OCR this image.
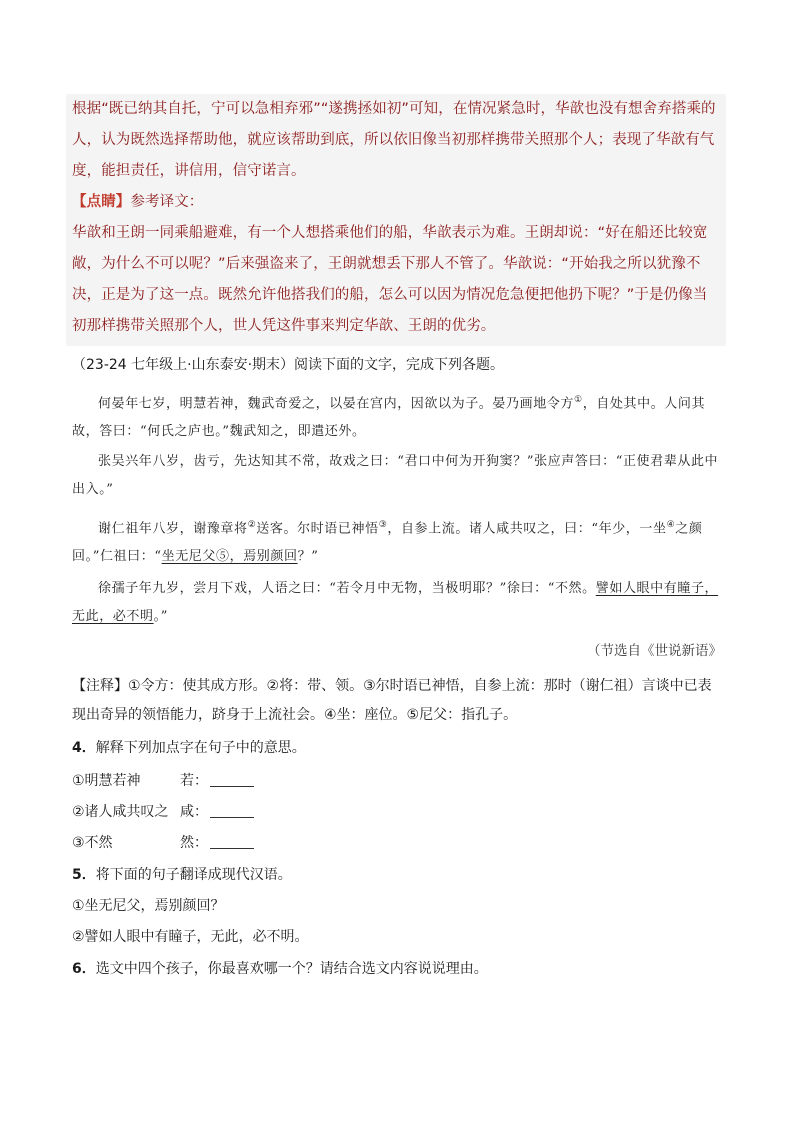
根据“既已纳其自托，宁可以急相弃邪”“遂携拯如初”可知，在情况紧急时，华歆也没有想舍弃搭乘的人，认为既然选择帮助他，就应该帮助到底，所以依旧像当初那样携带关照那个人；表现了华歆有气度，能担责任，讲信用，信守诺言。

【点睛】参考译文：

华歆和王朗一同乘船避难，有一个人想搭乘他们的船，华歆表示为难。王朗却说：“好在船还比较宽敞，为什么不可以呢？”后来强盗来了，王朗就想丢下那人不管了。华歆说：“开始我之所以犹豫不决，正是为了这一点。既然允许他搭我们的船，怎么可以因为情况危急便把他扔下呢？”于是仍像当初那样携带关照那个人，世人凭这件事来判定华歆、王朗的优劣。

（23-24 七年级上·山东泰安·期末）阅读下面的文字，完成下列各题。

何晏年七岁，明慧若神，魏武奇爱之，以晏在宫内，因欲以为子。晏乃画地令方①，自处其中。人问其故，答曰：“何氏之庐也。”魏武知之，即遣还外。

张吴兴年八岁，齿亏，先达知其不常，故戏之曰：“君口中何为开狗窦？”张应声答曰：“正使君辈从此中出入。”

谢仁祖年八岁，谢豫章将②送客。尔时语已神悟③，自参上流。诸人咸共叹之，曰：“年少，一坐④之颜回。”仁祖曰：“坐无尼父⑤，焉别颜回？”

徐孺子年九岁，尝月下戏，人语之曰：“若令月中无物，当极明耶？”徐曰：“不然。譬如人眼中有瞳子，无此，必不明。”

（节选自《世说新语》

【注释】①令方：使其成方形。②将：带、领。③尔时语已神悟，自参上流：那时（谢仁祖）言谈中已表现出奇异的领悟能力，跻身于上流社会。④坐：座位。⑤尼父：指孔子。

4．解释下列加点字在句子中的意思。

①明慧若神	若：
②诸人咸共叹之 咸：
③不然	然：

5．将下面的句子翻译成现代汉语。

①坐无尼父，焉别颜回？
②譬如人眼中有瞳子，无此，必不明。

6．选文中四个孩子，你最喜欢哪一个？请结合选文内容说说理由。
